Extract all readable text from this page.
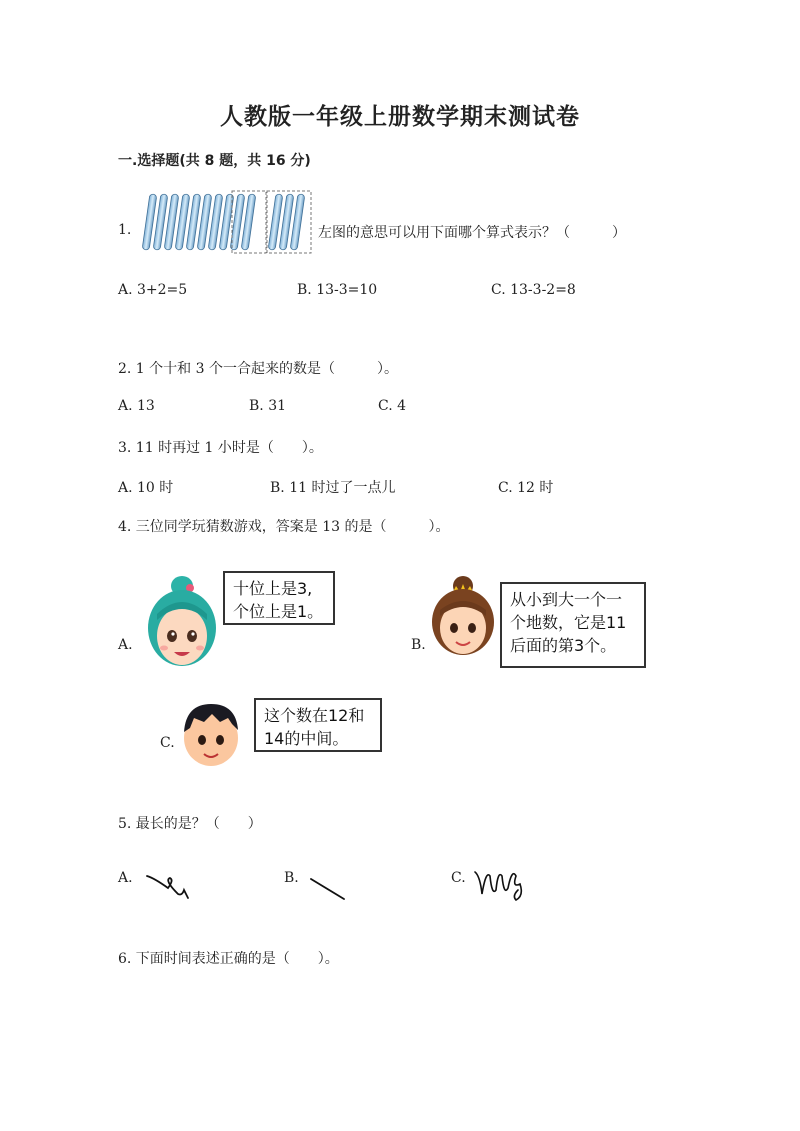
人教版一年级上册数学期末测试卷
一.选择题(共 8 题，共 16 分)
1.	左图的意思可以用下面哪个算式表示？（　　　）
A. 3+2=5	B. 13-3=10	C. 13-3-2=8
2. 1 个十和 3 个一合起来的数是（　　　）。
A. 13	B. 31	C. 4
3. 11 时再过 1 小时是（　　）。
A. 10 时	B. 11 时过了一点儿	C. 12 时
4. 三位同学玩猜数游戏，答案是 13 的是（　　　）。
A.
十位上是3,
个位上是1。
B.
从小到大一个一
个地数，它是11
后面的第3个。
C.
这个数在12和
14的中间。
5. 最长的是？（　　）
A.	B.	C.
6. 下面时间表述正确的是（　　）。
